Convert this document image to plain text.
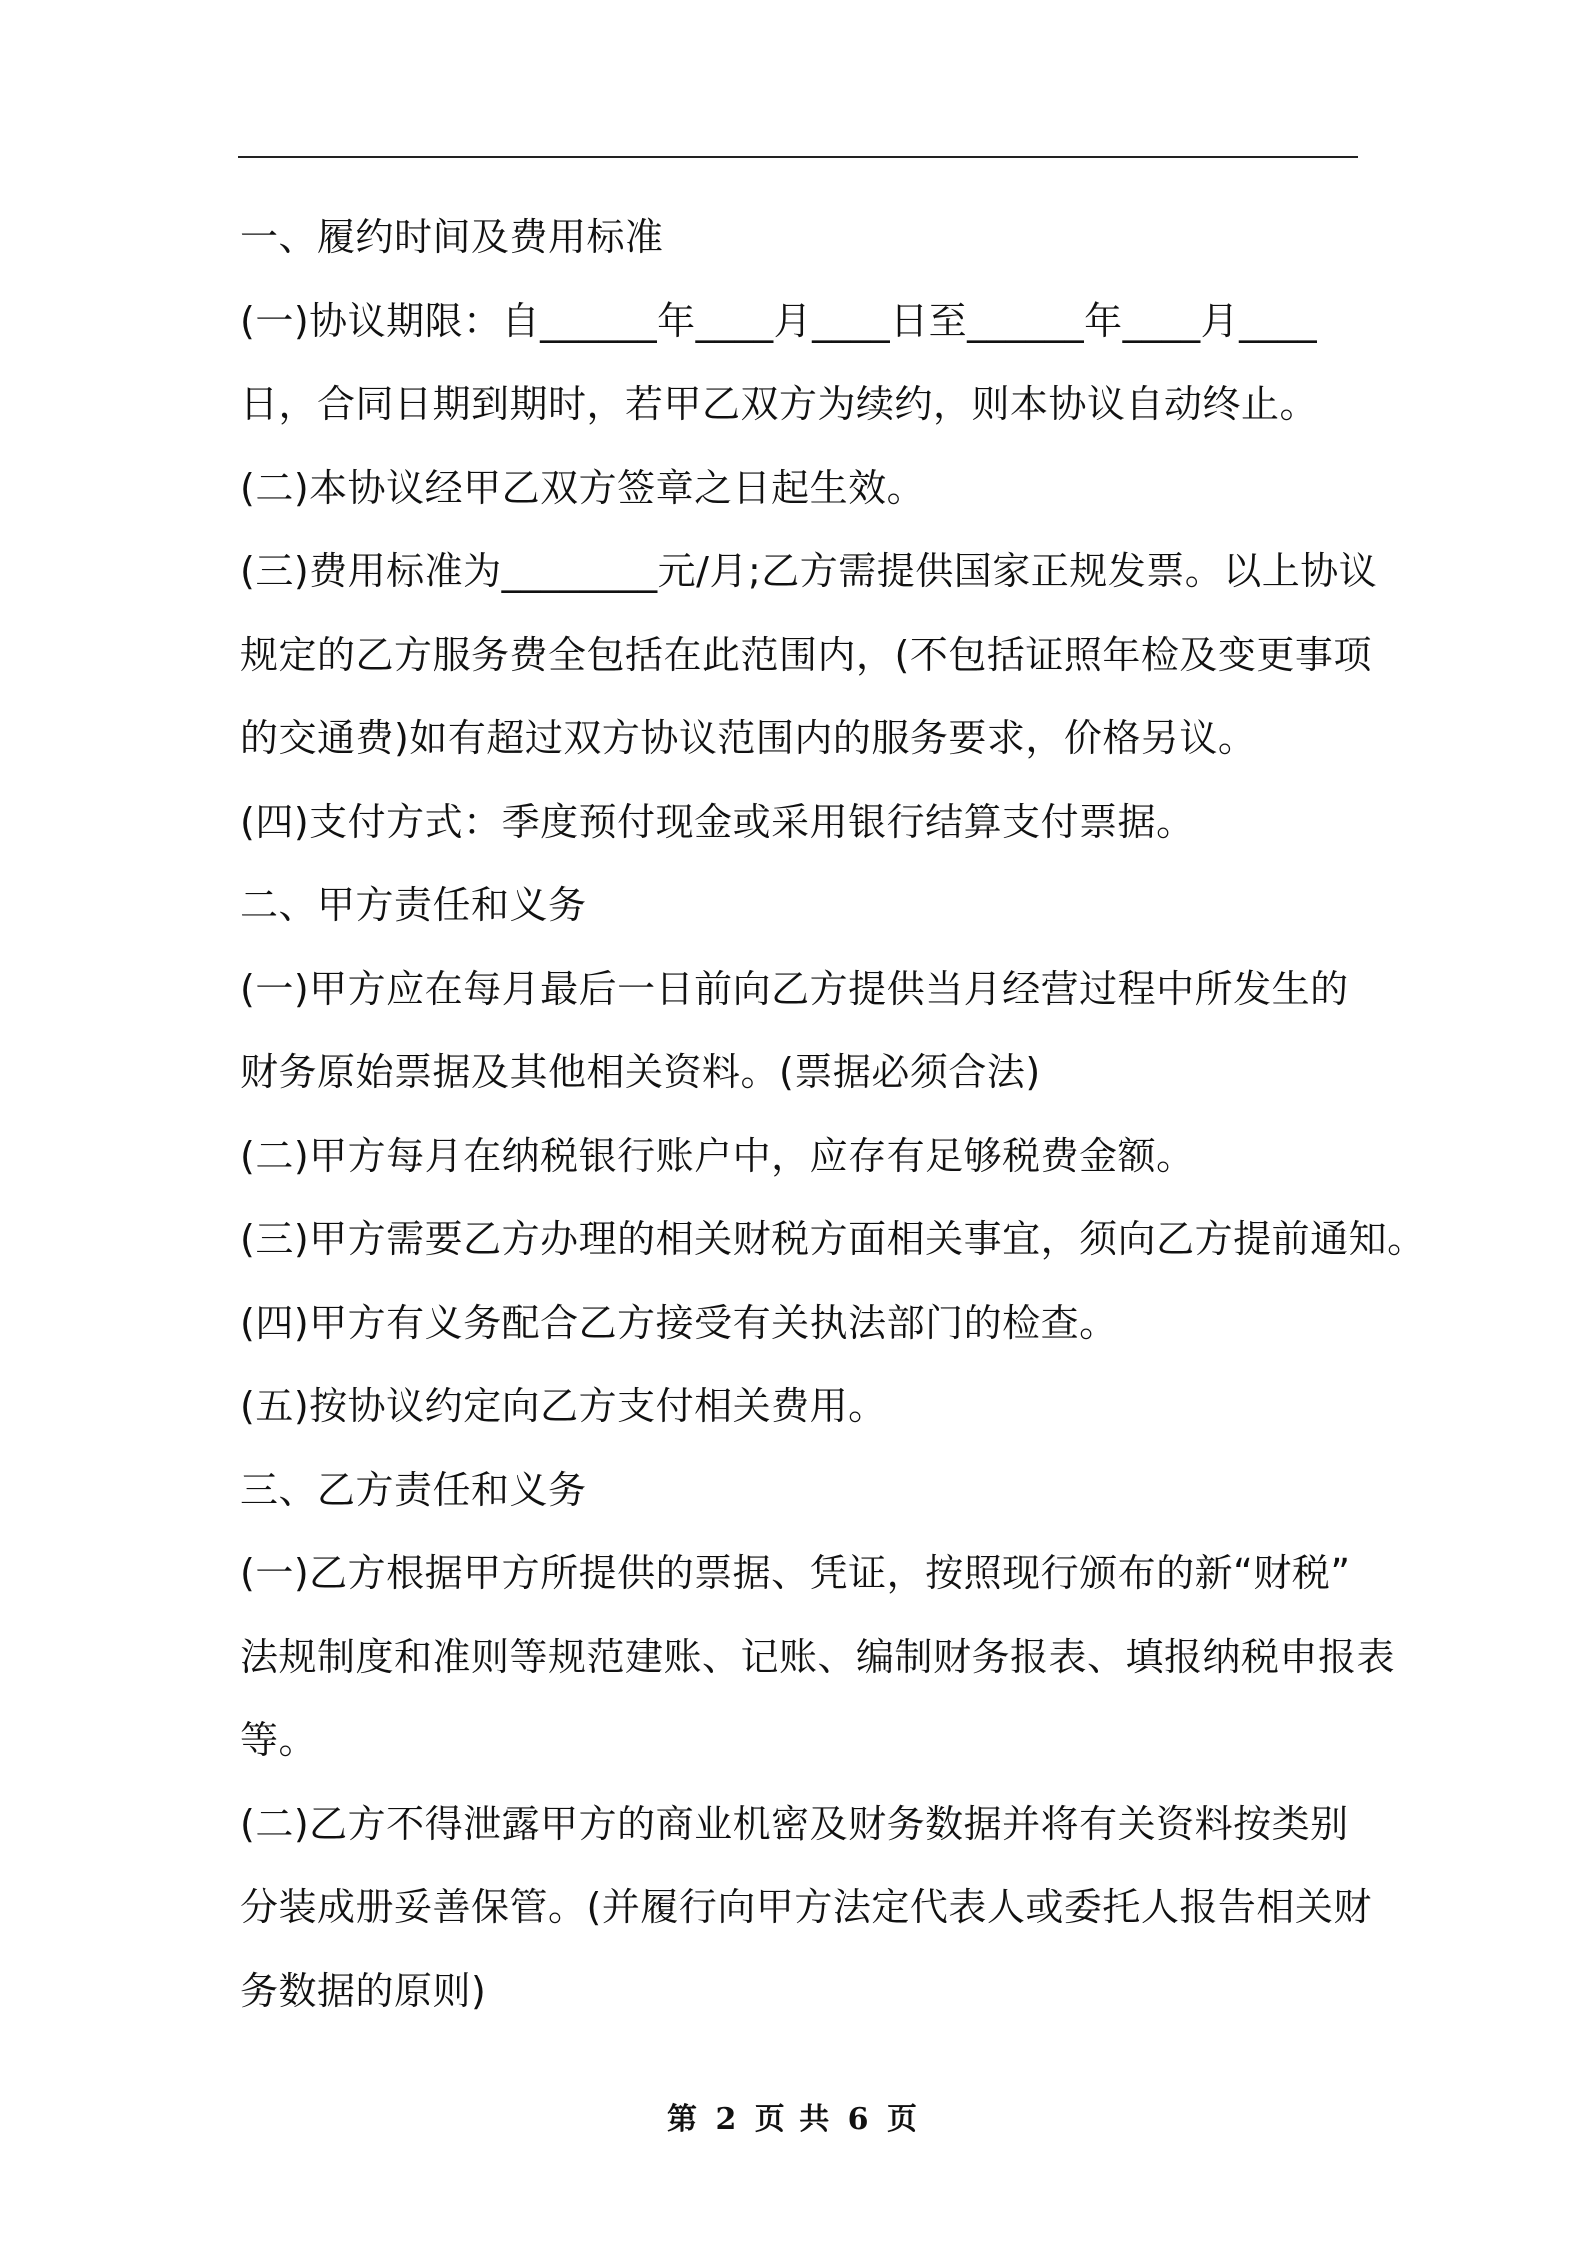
一、履约时间及费用标准
(一)协议期限：自______年____月____日至______年____月____
日，合同日期到期时，若甲乙双方为续约，则本协议自动终止。
(二)本协议经甲乙双方签章之日起生效。
(三)费用标准为________元/月;乙方需提供国家正规发票。以上协议
规定的乙方服务费全包括在此范围内，(不包括证照年检及变更事项
的交通费)如有超过双方协议范围内的服务要求，价格另议。
(四)支付方式：季度预付现金或采用银行结算支付票据。
二、甲方责任和义务
(一)甲方应在每月最后一日前向乙方提供当月经营过程中所发生的
财务原始票据及其他相关资料。(票据必须合法)
(二)甲方每月在纳税银行账户中，应存有足够税费金额。
(三)甲方需要乙方办理的相关财税方面相关事宜，须向乙方提前通知。
(四)甲方有义务配合乙方接受有关执法部门的检查。
(五)按协议约定向乙方支付相关费用。
三、乙方责任和义务
(一)乙方根据甲方所提供的票据、凭证，按照现行颁布的新“财税”
法规制度和准则等规范建账、记账、编制财务报表、填报纳税申报表
等。
(二)乙方不得泄露甲方的商业机密及财务数据并将有关资料按类别
分装成册妥善保管。(并履行向甲方法定代表人或委托人报告相关财
务数据的原则)
第 2 页 共 6 页
